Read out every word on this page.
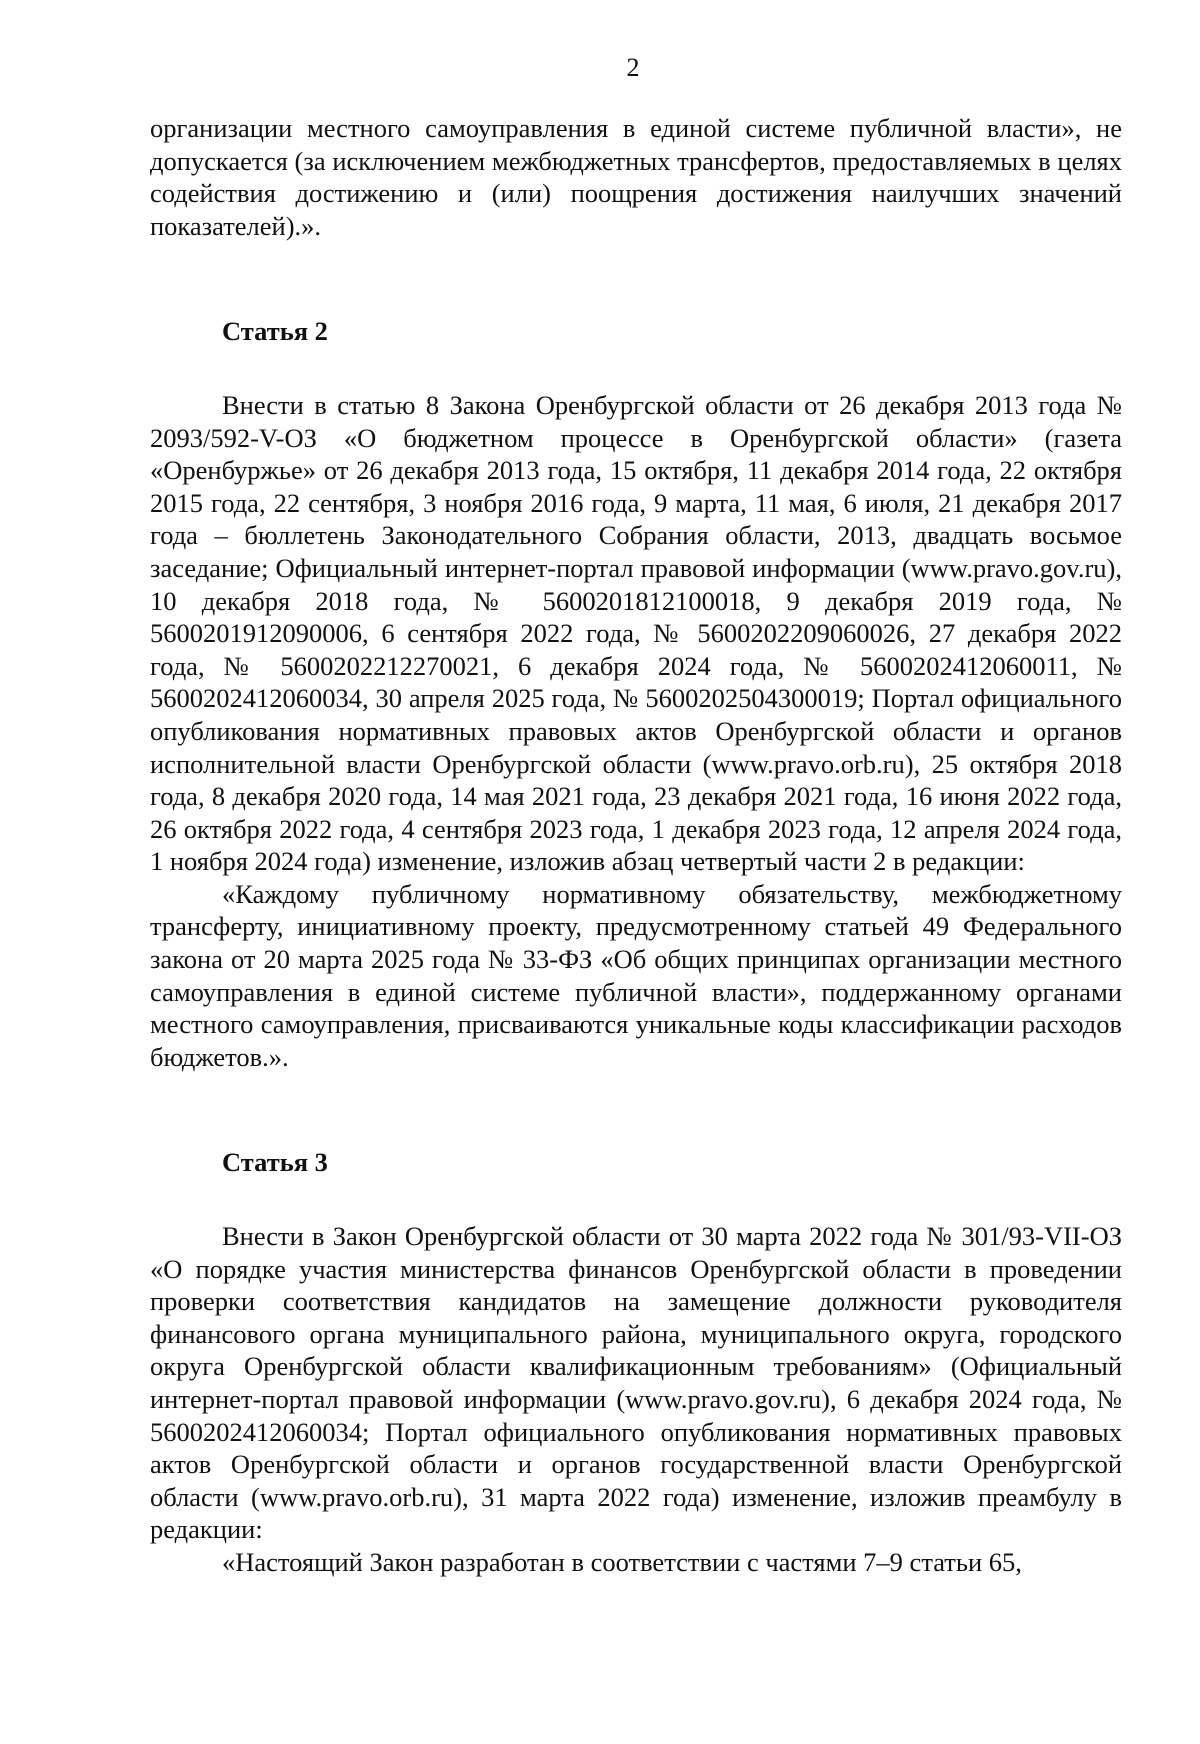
2

организации местного самоуправления в единой системе публичной власти», не допускается (за исключением межбюджетных трансфертов, предоставляемых в целях содействия достижению и (или) поощрения достижения наилучших значений показателей).».

Статья 2

Внести в статью 8 Закона Оренбургской области от 26 декабря 2013 года № 2093/592-V-ОЗ «О бюджетном процессе в Оренбургской области» (газета «Оренбуржье» от 26 декабря 2013 года, 15 октября, 11 декабря 2014 года, 22 октября 2015 года, 22 сентября, 3 ноября 2016 года, 9 марта, 11 мая, 6 июля, 21 декабря 2017 года – бюллетень Законодательного Собрания области, 2013, двадцать восьмое заседание; Официальный интернет-портал правовой информации (www.pravo.gov.ru), 10 декабря 2018 года, № 5600201812100018, 9 декабря 2019 года, № 5600201912090006, 6 сентября 2022 года, № 5600202209060026, 27 декабря 2022 года, № 5600202212270021, 6 декабря 2024 года, № 5600202412060011, № 5600202412060034, 30 апреля 2025 года, № 5600202504300019; Портал официального опубликования нормативных правовых актов Оренбургской области и органов исполнительной власти Оренбургской области (www.pravo.orb.ru), 25 октября 2018 года, 8 декабря 2020 года, 14 мая 2021 года, 23 декабря 2021 года, 16 июня 2022 года, 26 октября 2022 года, 4 сентября 2023 года, 1 декабря 2023 года, 12 апреля 2024 года, 1 ноября 2024 года) изменение, изложив абзац четвертый части 2 в редакции:

«Каждому публичному нормативному обязательству, межбюджетному трансферту, инициативному проекту, предусмотренному статьей 49 Федерального закона от 20 марта 2025 года № 33-ФЗ «Об общих принципах организации местного самоуправления в единой системе публичной власти», поддержанному органами местного самоуправления, присваиваются уникальные коды классификации расходов бюджетов.».

Статья 3

Внести в Закон Оренбургской области от 30 марта 2022 года № 301/93-VII-ОЗ «О порядке участия министерства финансов Оренбургской области в проведении проверки соответствия кандидатов на замещение должности руководителя финансового органа муниципального района, муниципального округа, городского округа Оренбургской области квалификационным требованиям» (Официальный интернет-портал правовой информации (www.pravo.gov.ru), 6 декабря 2024 года, № 5600202412060034; Портал официального опубликования нормативных правовых актов Оренбургской области и органов государственной власти Оренбургской области (www.pravo.orb.ru), 31 марта 2022 года) изменение, изложив преамбулу в редакции:

«Настоящий Закон разработан в соответствии с частями 7–9 статьи 65,
